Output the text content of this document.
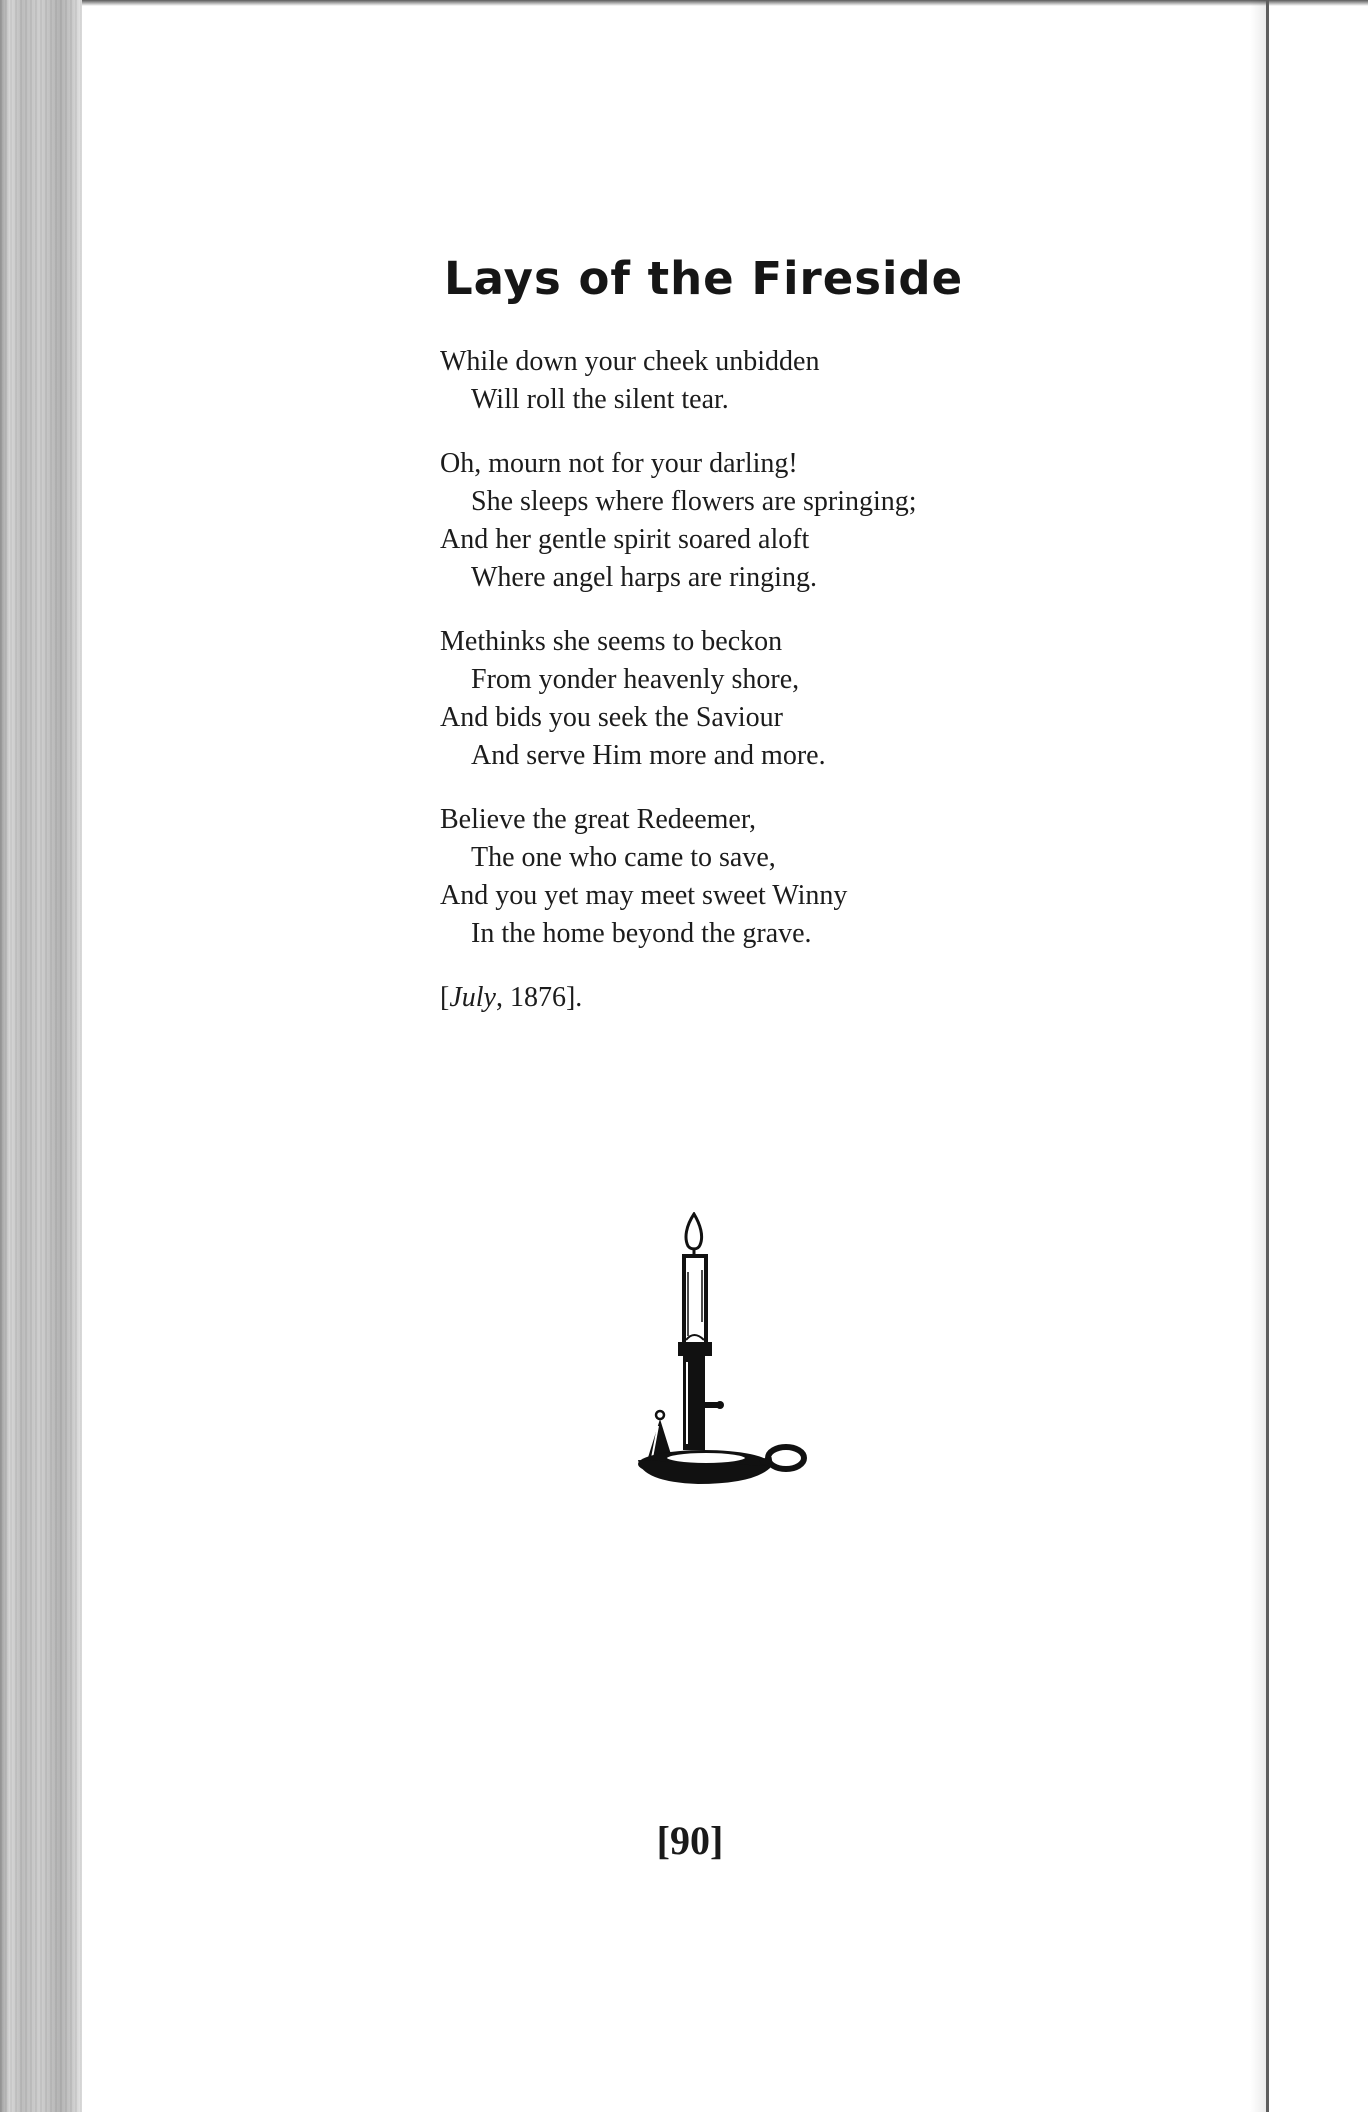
Lays of the Fireside
While down your cheek unbidden
Will roll the silent tear.
Oh, mourn not for your darling!
She sleeps where flowers are springing;
And her gentle spirit soared aloft
Where angel harps are ringing.
Methinks she seems to beckon
From yonder heavenly shore,
And bids you seek the Saviour
And serve Him more and more.
Believe the great Redeemer,
The one who came to save,
And you yet may meet sweet Winny
In the home beyond the grave.
[July, 1876].
[90]
